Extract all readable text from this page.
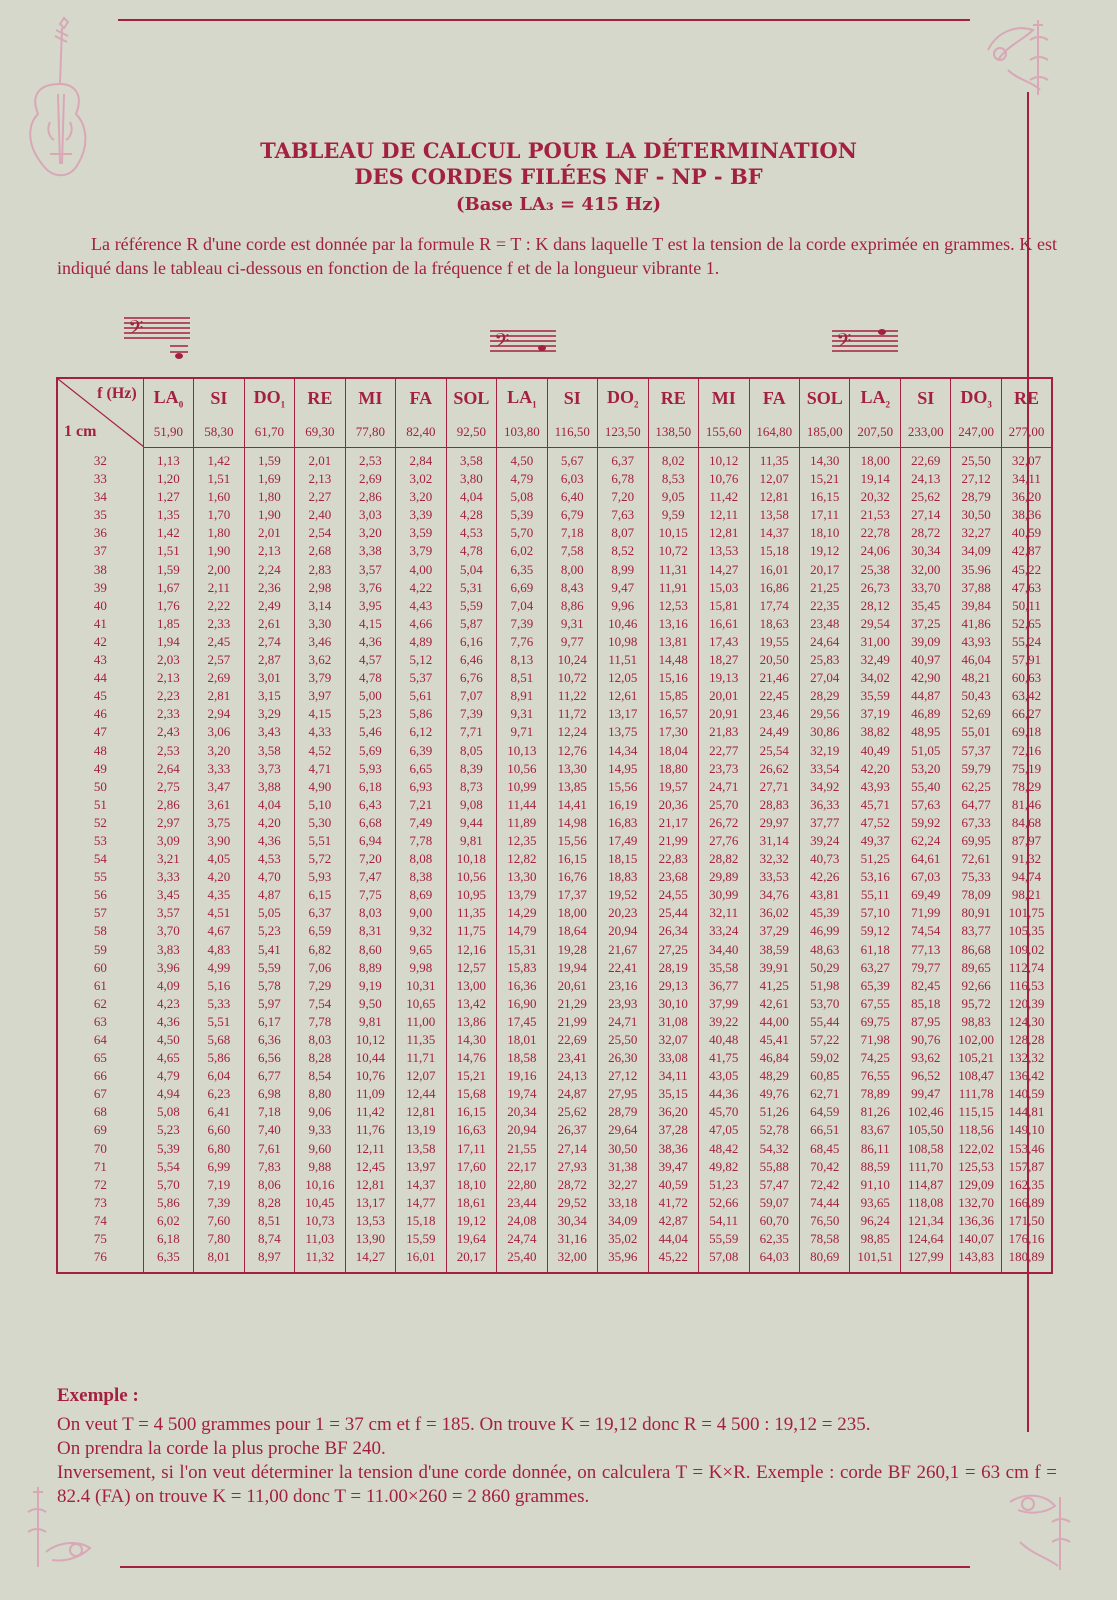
TABLEAU DE CALCUL POUR LA DÉTERMINATION
DES CORDES FILÉES NF - NP - BF
(Base LA₃ = 415 Hz)

La référence R d'une corde est donnée par la formule R = T : K dans laquelle T est la tension de la corde exprimée en grammes. K est indiqué dans le tableau ci-dessous en fonction de la fréquence f et de la longueur vibrante 1.

𝄢	𝄢	𝄢
f (Hz)
1 cm	$LA_0$	SI	$DO_1$	RE	MI	FA	SOL	$LA_1$	SI	$DO_2$	RE	MI	FA	SOL	$LA_2$	SI	$DO_3$	RE
	51,90	58,30	61,70	69,30	77,80	82,40	92,50	103,80	116,50	123,50	138,50	155,60	164,80	185,00	207,50	233,00	247,00	277,00
32	1,13	1,42	1,59	2,01	2,53	2,84	3,58	4,50	5,67	6,37	8,02	10,12	11,35	14,30	18,00	22,69	25,50	32,07
33	1,20	1,51	1,69	2,13	2,69	3,02	3,80	4,79	6,03	6,78	8,53	10,76	12,07	15,21	19,14	24,13	27,12	34,11
34	1,27	1,60	1,80	2,27	2,86	3,20	4,04	5,08	6,40	7,20	9,05	11,42	12,81	16,15	20,32	25,62	28,79	36,20
35	1,35	1,70	1,90	2,40	3,03	3,39	4,28	5,39	6,79	7,63	9,59	12,11	13,58	17,11	21,53	27,14	30,50	38,36
36	1,42	1,80	2,01	2,54	3,20	3,59	4,53	5,70	7,18	8,07	10,15	12,81	14,37	18,10	22,78	28,72	32,27	40,59
37	1,51	1,90	2,13	2,68	3,38	3,79	4,78	6,02	7,58	8,52	10,72	13,53	15,18	19,12	24,06	30,34	34,09	42,87
38	1,59	2,00	2,24	2,83	3,57	4,00	5,04	6,35	8,00	8,99	11,31	14,27	16,01	20,17	25,38	32,00	35.96	45,22
39	1,67	2,11	2,36	2,98	3,76	4,22	5,31	6,69	8,43	9,47	11,91	15,03	16,86	21,25	26,73	33,70	37,88	47,63
40	1,76	2,22	2,49	3,14	3,95	4,43	5,59	7,04	8,86	9,96	12,53	15,81	17,74	22,35	28,12	35,45	39,84	50,11
41	1,85	2,33	2,61	3,30	4,15	4,66	5,87	7,39	9,31	10,46	13,16	16,61	18,63	23,48	29,54	37,25	41,86	52,65
42	1,94	2,45	2,74	3,46	4,36	4,89	6,16	7,76	9,77	10,98	13,81	17,43	19,55	24,64	31,00	39,09	43,93	55,24
43	2,03	2,57	2,87	3,62	4,57	5,12	6,46	8,13	10,24	11,51	14,48	18,27	20,50	25,83	32,49	40,97	46,04	57,91
44	2,13	2,69	3,01	3,79	4,78	5,37	6,76	8,51	10,72	12,05	15,16	19,13	21,46	27,04	34,02	42,90	48,21	60,63
45	2,23	2,81	3,15	3,97	5,00	5,61	7,07	8,91	11,22	12,61	15,85	20,01	22,45	28,29	35,59	44,87	50,43	63,42
46	2,33	2,94	3,29	4,15	5,23	5,86	7,39	9,31	11,72	13,17	16,57	20,91	23,46	29,56	37,19	46,89	52,69	66,27
47	2,43	3,06	3,43	4,33	5,46	6,12	7,71	9,71	12,24	13,75	17,30	21,83	24,49	30,86	38,82	48,95	55,01	69,18
48	2,53	3,20	3,58	4,52	5,69	6,39	8,05	10,13	12,76	14,34	18,04	22,77	25,54	32,19	40,49	51,05	57,37	72,16
49	2,64	3,33	3,73	4,71	5,93	6,65	8,39	10,56	13,30	14,95	18,80	23,73	26,62	33,54	42,20	53,20	59,79	75,19
50	2,75	3,47	3,88	4,90	6,18	6,93	8,73	10,99	13,85	15,56	19,57	24,71	27,71	34,92	43,93	55,40	62,25	78,29
51	2,86	3,61	4,04	5,10	6,43	7,21	9,08	11,44	14,41	16,19	20,36	25,70	28,83	36,33	45,71	57,63	64,77	81,46
52	2,97	3,75	4,20	5,30	6,68	7,49	9,44	11,89	14,98	16,83	21,17	26,72	29,97	37,77	47,52	59,92	67,33	84,68
53	3,09	3,90	4,36	5,51	6,94	7,78	9,81	12,35	15,56	17,49	21,99	27,76	31,14	39,24	49,37	62,24	69,95	87,97
54	3,21	4,05	4,53	5,72	7,20	8,08	10,18	12,82	16,15	18,15	22,83	28,82	32,32	40,73	51,25	64,61	72,61	91,32
55	3,33	4,20	4,70	5,93	7,47	8,38	10,56	13,30	16,76	18,83	23,68	29,89	33,53	42,26	53,16	67,03	75,33	94,74
56	3,45	4,35	4,87	6,15	7,75	8,69	10,95	13,79	17,37	19,52	24,55	30,99	34,76	43,81	55,11	69,49	78,09	98,21
57	3,57	4,51	5,05	6,37	8,03	9,00	11,35	14,29	18,00	20,23	25,44	32,11	36,02	45,39	57,10	71,99	80,91	101,75
58	3,70	4,67	5,23	6,59	8,31	9,32	11,75	14,79	18,64	20,94	26,34	33,24	37,29	46,99	59,12	74,54	83,77	105,35
59	3,83	4,83	5,41	6,82	8,60	9,65	12,16	15,31	19,28	21,67	27,25	34,40	38,59	48,63	61,18	77,13	86,68	109,02
60	3,96	4,99	5,59	7,06	8,89	9,98	12,57	15,83	19,94	22,41	28,19	35,58	39,91	50,29	63,27	79,77	89,65	112,74
61	4,09	5,16	5,78	7,29	9,19	10,31	13,00	16,36	20,61	23,16	29,13	36,77	41,25	51,98	65,39	82,45	92,66	116,53
62	4,23	5,33	5,97	7,54	9,50	10,65	13,42	16,90	21,29	23,93	30,10	37,99	42,61	53,70	67,55	85,18	95,72	120,39
63	4,36	5,51	6,17	7,78	9,81	11,00	13,86	17,45	21,99	24,71	31,08	39,22	44,00	55,44	69,75	87,95	98,83	124,30
64	4,50	5,68	6,36	8,03	10,12	11,35	14,30	18,01	22,69	25,50	32,07	40,48	45,41	57,22	71,98	90,76	102,00	128,28
65	4,65	5,86	6,56	8,28	10,44	11,71	14,76	18,58	23,41	26,30	33,08	41,75	46,84	59,02	74,25	93,62	105,21	132,32
66	4,79	6,04	6,77	8,54	10,76	12,07	15,21	19,16	24,13	27,12	34,11	43,05	48,29	60,85	76,55	96,52	108,47	136,42
67	4,94	6,23	6,98	8,80	11,09	12,44	15,68	19,74	24,87	27,95	35,15	44,36	49,76	62,71	78,89	99,47	111,78	140,59
68	5,08	6,41	7,18	9,06	11,42	12,81	16,15	20,34	25,62	28,79	36,20	45,70	51,26	64,59	81,26	102,46	115,15	144,81
69	5,23	6,60	7,40	9,33	11,76	13,19	16,63	20,94	26,37	29,64	37,28	47,05	52,78	66,51	83,67	105,50	118,56	149,10
70	5,39	6,80	7,61	9,60	12,11	13,58	17,11	21,55	27,14	30,50	38,36	48,42	54,32	68,45	86,11	108,58	122,02	153,46
71	5,54	6,99	7,83	9,88	12,45	13,97	17,60	22,17	27,93	31,38	39,47	49,82	55,88	70,42	88,59	111,70	125,53	157,87
72	5,70	7,19	8,06	10,16	12,81	14,37	18,10	22,80	28,72	32,27	40,59	51,23	57,47	72,42	91,10	114,87	129,09	162,35
73	5,86	7,39	8,28	10,45	13,17	14,77	18,61	23,44	29,52	33,18	41,72	52,66	59,07	74,44	93,65	118,08	132,70	166,89
74	6,02	7,60	8,51	10,73	13,53	15,18	19,12	24,08	30,34	34,09	42,87	54,11	60,70	76,50	96,24	121,34	136,36	171,50
75	6,18	7,80	8,74	11,03	13,90	15,59	19,64	24,74	31,16	35,02	44,04	55,59	62,35	78,58	98,85	124,64	140,07	176,16
76	6,35	8,01	8,97	11,32	14,27	16,01	20,17	25,40	32,00	35,96	45,22	57,08	64,03	80,69	101,51	127,99	143,83	180,89
Exemple :

On veut T = 4 500 grammes pour 1 = 37 cm et f = 185. On trouve K = 19,12 donc R = 4 500 : 19,12 = 235.

On prendra la corde la plus proche BF 240.

Inversement, si l'on veut déterminer la tension d'une corde donnée, on calculera T = K×R. Exemple : corde BF 260,1 = 63 cm f = 82.4 (FA) on trouve K = 11,00 donc T = 11.00×260 = 2 860 grammes.
